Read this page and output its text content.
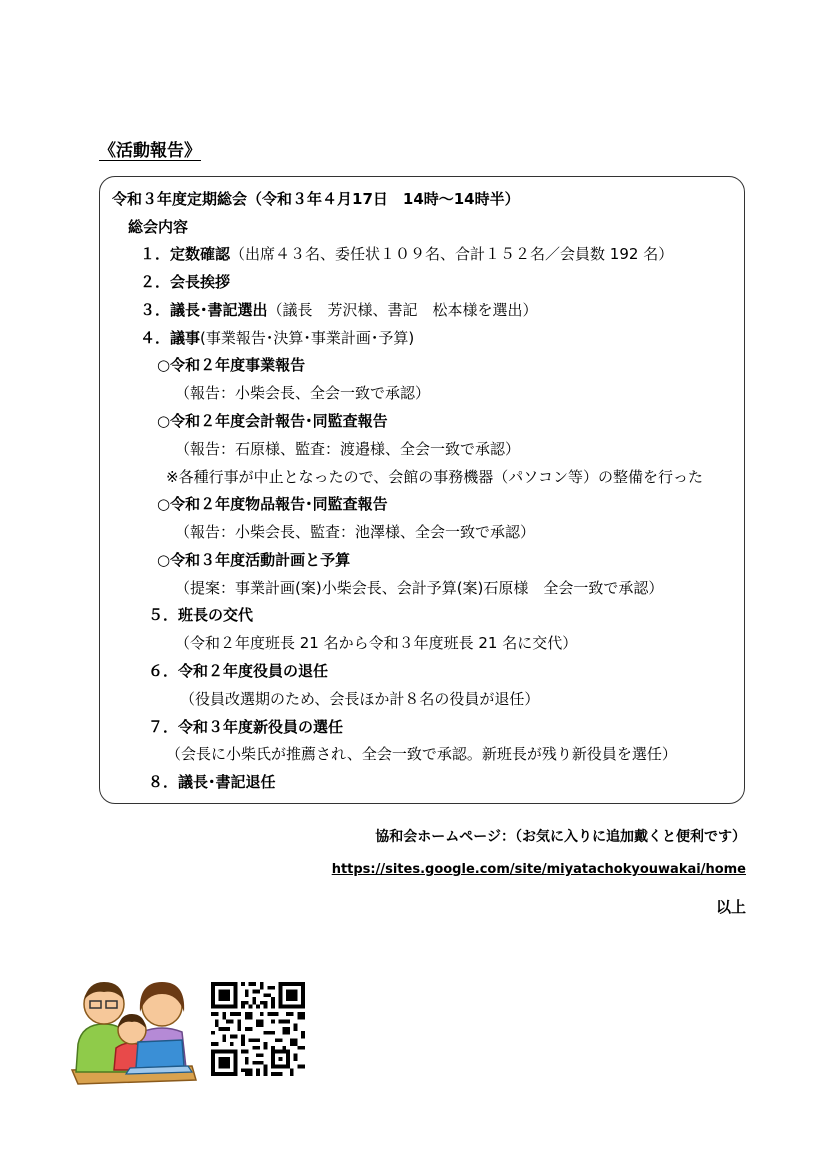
《活動報告》
令和３年度定期総会（令和３年４月17日　14時～14時半）
総会内容
１．定数確認（出席４３名、委任状１０９名、合計１５２名／会員数 192 名）
２．会長挨拶
３．議長･書記選出（議長　芳沢様、書記　松本様を選出）
４．議事(事業報告･決算･事業計画･予算)
○令和２年度事業報告
（報告：小柴会長、全会一致で承認）
○令和２年度会計報告･同監査報告
（報告：石原様、監査：渡邉様、全会一致で承認）
※各種行事が中止となったので、会館の事務機器（パソコン等）の整備を行った
○令和２年度物品報告･同監査報告
（報告：小柴会長、監査：池澤様、全会一致で承認）
○令和３年度活動計画と予算
（提案：事業計画(案)小柴会長、会計予算(案)石原様　全会一致で承認）
５．班長の交代
（令和２年度班長 21 名から令和３年度班長 21 名に交代）
６．令和２年度役員の退任
（役員改選期のため、会長ほか計８名の役員が退任）
７．令和３年度新役員の選任
（会長に小柴氏が推薦され、全会一致で承認。新班長が残り新役員を選任）
８．議長･書記退任
協和会ホームページ：（お気に入りに追加戴くと便利です）
https://sites.google.com/site/miyatachokyouwakai/home
以上
